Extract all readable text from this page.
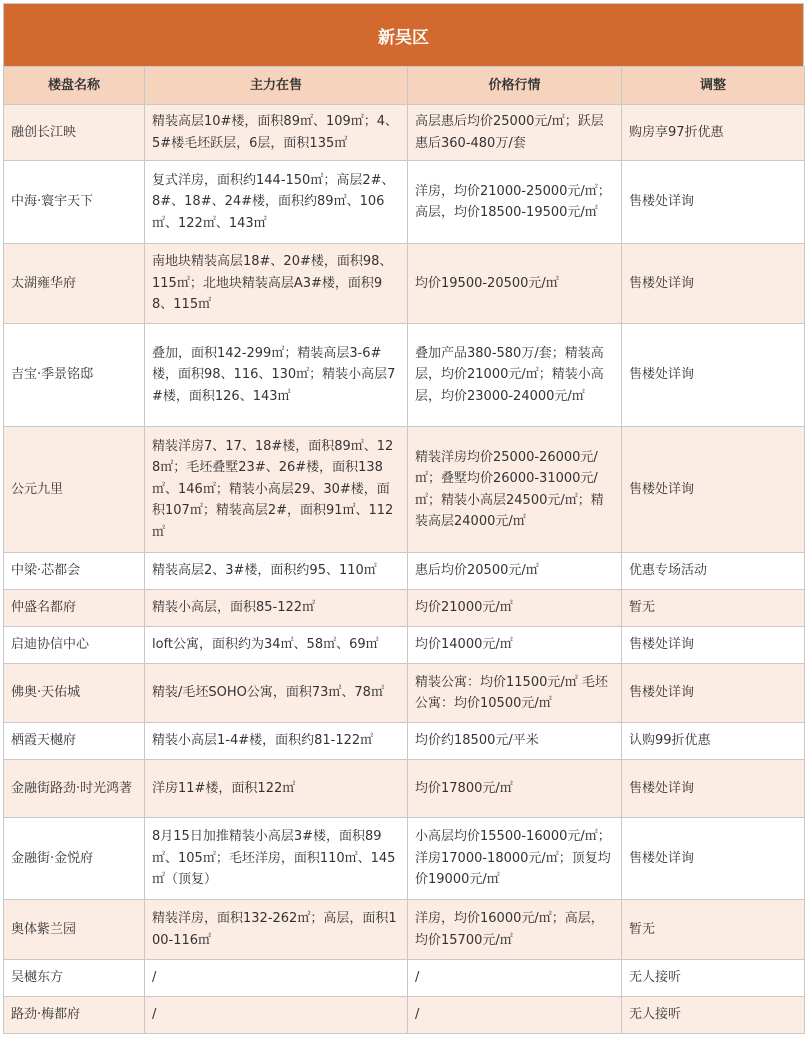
新吴区
楼盘名称	主力在售	价格行情	调整
融创长江映	精装高层10#楼，面积89㎡、109㎡；4、5#楼毛坯跃层，6层，面积135㎡	高层惠后均价25000元/㎡；跃层惠后360-480万/套	购房享97折优惠
中海·寰宇天下	复式洋房，面积约144-150㎡；高层2#、8#、18#、24#楼，面积约89㎡、106㎡、122㎡、143㎡	洋房，均价21000-25000元/㎡；高层，均价18500-19500元/㎡	售楼处详询
太湖雍华府	南地块精装高层18#、20#楼，面积98、115㎡；北地块精装高层A3#楼，面积98、115㎡	均价19500-20500元/㎡	售楼处详询
吉宝·季景铭邸	叠加，面积142-299㎡；精装高层3-6#楼，面积98、116、130㎡；精装小高层7#楼，面积126、143㎡	叠加产品380-580万/套；精装高层，均价21000元/㎡；精装小高层，均价23000-24000元/㎡	售楼处详询
公元九里	精装洋房7、17、18#楼，面积89㎡、128㎡；毛坯叠墅23#、26#楼，面积138㎡、146㎡；精装小高层29、30#楼，面积107㎡；精装高层2#，面积91㎡、112㎡	精装洋房均价25000-26000元/㎡；叠墅均价26000-31000元/㎡；精装小高层24500元/㎡；精装高层24000元/㎡	售楼处详询
中梁·芯都会	精装高层2、3#楼，面积约95、110㎡	惠后均价20500元/㎡	优惠专场活动
仲盛名都府	精装小高层，面积85-122㎡	均价21000元/㎡	暂无
启迪协信中心	loft公寓，面积约为34㎡、58㎡、69㎡	均价14000元/㎡	售楼处详询
佛奥·天佑城	精装/毛坯SOHO公寓，面积73㎡、78㎡	精装公寓：均价11500元/㎡ 毛坯公寓：均价10500元/㎡	售楼处详询
栖霞天樾府	精装小高层1-4#楼，面积约81-122㎡	均价约18500元/平米	认购99折优惠
金融街路劲·时光鸿著	洋房11#楼，面积122㎡	均价17800元/㎡	售楼处详询
金融街·金悦府	8月15日加推精装小高层3#楼，面积89㎡、105㎡；毛坯洋房，面积110㎡、145㎡（顶复）	小高层均价15500-16000元/㎡；洋房17000-18000元/㎡；顶复均价19000元/㎡	售楼处详询
奥体紫兰园	精装洋房，面积132-262㎡；高层，面积100-116㎡	洋房，均价16000元/㎡；高层，均价15700元/㎡	暂无
吴樾东方	/	/	无人接听
路劲·梅都府	/	/	无人接听
